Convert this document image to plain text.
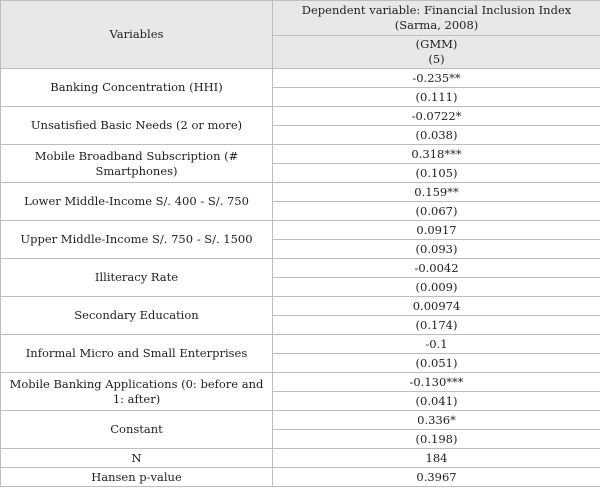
Variables	Dependent variable: Financial Inclusion Index
(Sarma, 2008)

	(GMM)
(5)

Banking Concentration (HHI)	-0.235**
	(0.111)
Unsatisfied Basic Needs (2 or more)	-0.0722*
	(0.038)
Mobile Broadband Subscription (# Smartphones)	0.318***
	(0.105)
Lower Middle-Income S/. 400 - S/. 750	0.159**
	(0.067)
Upper Middle-Income S/. 750 - S/. 1500	0.0917
	(0.093)
Illiteracy Rate	-0.0042
	(0.009)
Secondary Education	0.00974
	(0.174)
Informal Micro and Small Enterprises	-0.1
	(0.051)
Mobile Banking Applications (0: before and 1: after)	-0.130***
	(0.041)
Constant	0.336*
	(0.198)
N	184
Hansen p-value	0.3967
